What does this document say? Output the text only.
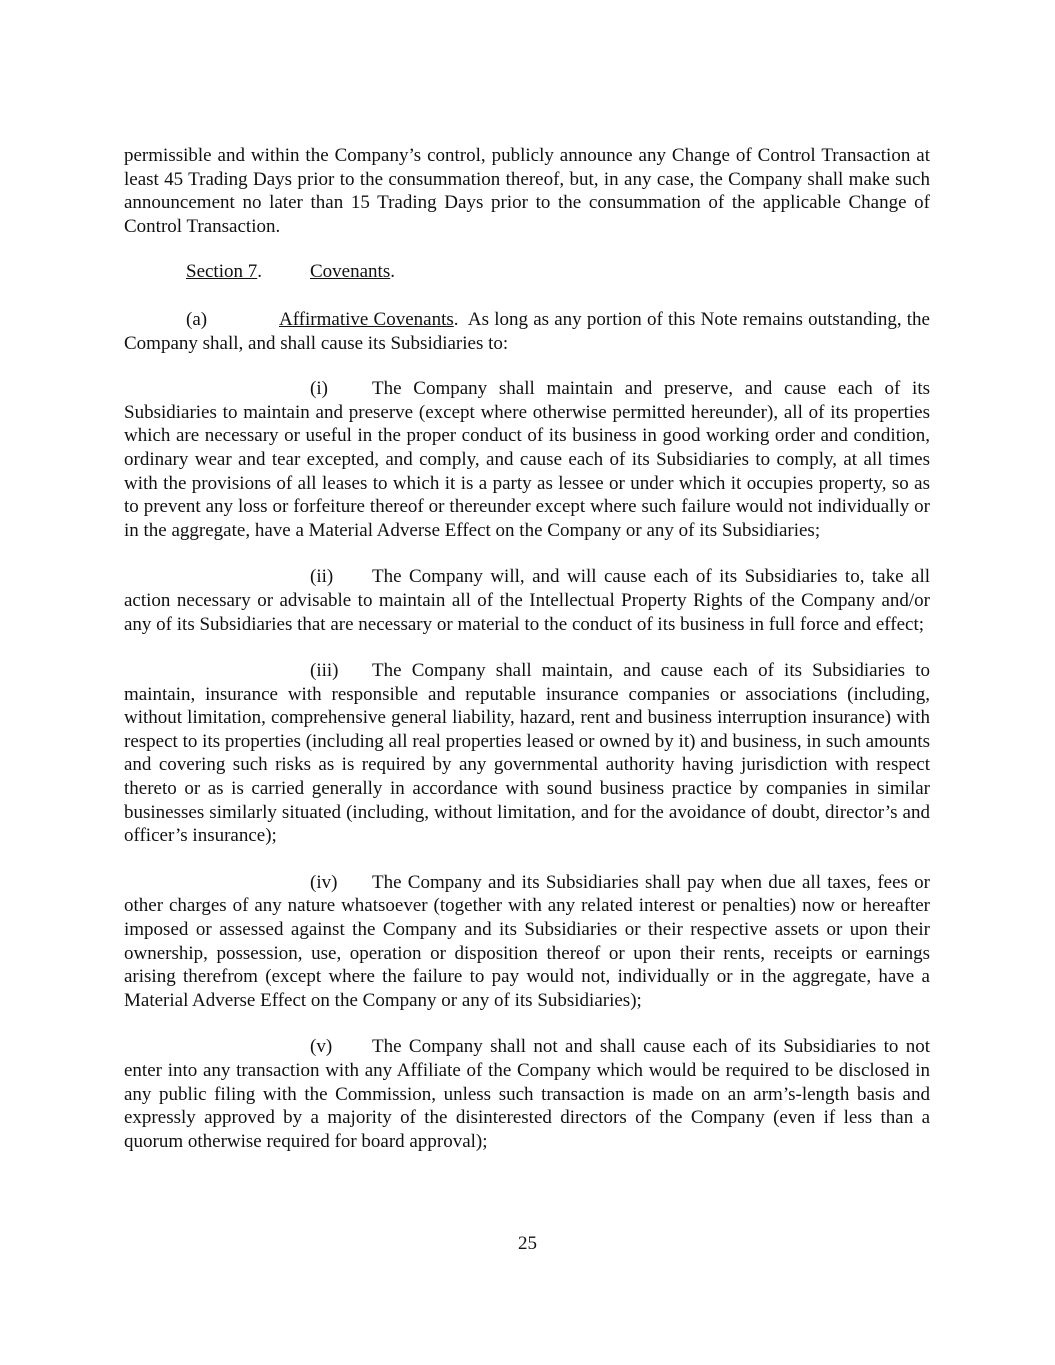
permissible and within the Company’s control, publicly announce any Change of Control Transaction at least 45 Trading Days prior to the consummation thereof, but, in any case, the Company shall make such announcement no later than 15 Trading Days prior to the consummation of the applicable Change of Control Transaction.

Section 7.	Covenants.

(a)	Affirmative Covenants.  As long as any portion of this Note remains outstanding, the Company shall, and shall cause its Subsidiaries to:

(i) The Company shall maintain and preserve, and cause each of its Subsidiaries to maintain and preserve (except where otherwise permitted hereunder), all of its properties which are necessary or useful in the proper conduct of its business in good working order and condition, ordinary wear and tear excepted, and comply, and cause each of its Subsidiaries to comply, at all times with the provisions of all leases to which it is a party as lessee or under which it occupies property, so as to prevent any loss or forfeiture thereof or thereunder except where such failure would not individually or in the aggregate, have a Material Adverse Effect on the Company or any of its Subsidiaries;

(ii) The Company will, and will cause each of its Subsidiaries to, take all action necessary or advisable to maintain all of the Intellectual Property Rights of the Company and/or any of its Subsidiaries that are necessary or material to the conduct of its business in full force and effect;

(iii) The Company shall maintain, and cause each of its Subsidiaries to maintain, insurance with responsible and reputable insurance companies or associations (including, without limitation, comprehensive general liability, hazard, rent and business interruption insurance) with respect to its properties (including all real properties leased or owned by it) and business, in such amounts and covering such risks as is required by any governmental authority having jurisdiction with respect thereto or as is carried generally in accordance with sound business practice by companies in similar businesses similarly situated (including, without limitation, and for the avoidance of doubt, director’s and officer’s insurance);

(iv) The Company and its Subsidiaries shall pay when due all taxes, fees or other charges of any nature whatsoever (together with any related interest or penalties) now or hereafter imposed or assessed against the Company and its Subsidiaries or their respective assets or upon their ownership, possession, use, operation or disposition thereof or upon their rents, receipts or earnings arising therefrom (except where the failure to pay would not, individually or in the aggregate, have a Material Adverse Effect on the Company or any of its Subsidiaries);

(v) The Company shall not and shall cause each of its Subsidiaries to not enter into any transaction with any Affiliate of the Company which would be required to be disclosed in any public filing with the Commission, unless such transaction is made on an arm’s-length basis and expressly approved by a majority of the disinterested directors of the Company (even if less than a quorum otherwise required for board approval);

25
